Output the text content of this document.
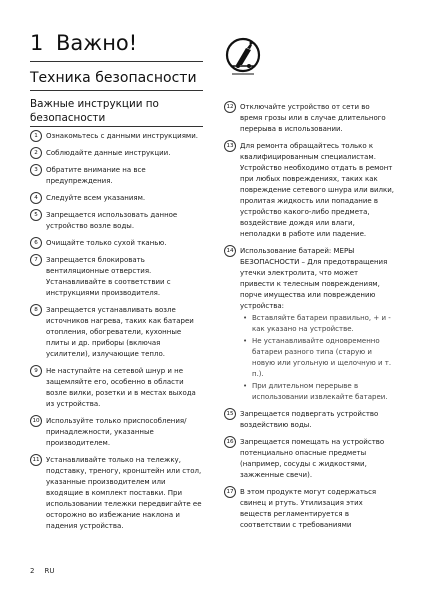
1 Важно!
Техника безопасности
Важные инструкции по безопасности
1	Ознакомьтесь с данными инструкциями.
2	Соблюдайте данные инструкции.
3	Обратите внимание на все предупреждения.
4	Следуйте всем указаниям.
5	Запрещается использовать данное устройство возле воды.
6	Очищайте только сухой тканью.
7	Запрещается блокировать вентиляционные отверстия. Устанавливайте в соответствии с инструкциями производителя.
8	Запрещается устанавливать возле источников нагрева, таких как батареи отопления, обогреватели, кухонные плиты и др. приборы (включая усилители), излучающие тепло.
9	Не наступайте на сетевой шнур и не защемляйте его, особенно в области возле вилки, розетки и в местах выхода из устройства.
10 Используйте только приспособления/принадлежности, указанные производителем.
11 Устанавливайте только на тележку, подставку, треногу, кронштейн или стол, указанные производителем или входящие в комплект поставки. При использовании тележки передвигайте ее осторожно во избежание наклона и падения устройства.
12 Отключайте устройство от сети во время грозы или в случае длительного перерыва в использовании.
13 Для ремонта обращайтесь только к квалифицированным специалистам. Устройство необходимо отдать в ремонт при любых повреждениях, таких как повреждение сетевого шнура или вилки, пролитая жидкость или попадание в устройство какого-либо предмета, воздействие дождя или влаги, неполадки в работе или падение.
14 Использование батарей: МЕРЫ БЕЗОПАСНОСТИ – Для предотвращения утечки электролита, что может привести к телесным повреждениям, порче имущества или повреждению устройства:
• Вставляйте батареи правильно, + и - как указано на устройстве.
• Не устанавливайте одновременно батареи разного типа (старую и новую или угольную и щелочную и т. п.).
• При длительном перерыве в использовании извлекайте батареи.
15 Запрещается подвергать устройство воздействию воды.
16 Запрещается помещать на устройство потенциально опасные предметы (например, сосуды с жидкостями, зажженные свечи).
17 В этом продукте могут содержаться свинец и ртуть. Утилизация этих веществ регламентируется в соответствии с требованиями
2 RU
